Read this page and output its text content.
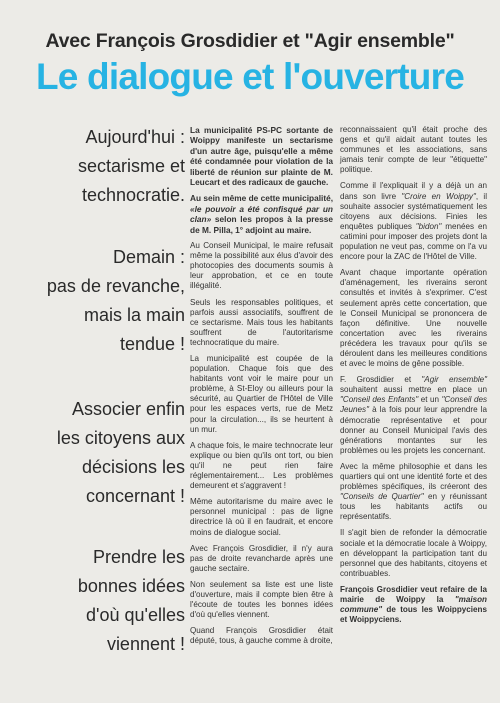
Avec François Grosdidier et "Agir ensemble"
Le dialogue et l'ouverture
Aujourd'hui :
sectarisme et
technocratie.
Demain :
pas de revanche,
mais la main
tendue !
Associer enfin
les citoyens aux
décisions les
concernant !
Prendre les
bonnes idées
d'où qu'elles
viennent !

La municipalité PS-PC sortante de Woippy manifeste un sectarisme d'un autre âge, puisqu'elle a même été condamnée pour violation de la liberté de réunion sur plainte de M. Leucart et des radicaux de gauche.

Au sein même de cette municipalité, «le pouvoir a été confisqué par un clan» selon les propos à la presse de M. Pilla, 1° adjoint au maire.

Au Conseil Municipal, le maire refusait même la possibilité aux élus d'avoir des photocopies des documents soumis à leur approbation, et ce en toute illégalité.

Seuls les responsables politiques, et parfois aussi associatifs, souffrent de ce sectarisme. Mais tous les habitants souffrent de l'autoritarisme technocratique du maire.

La municipalité est coupée de la population. Chaque fois que des habitants vont voir le maire pour un problème, à St-Eloy ou ailleurs pour la sécurité, au Quartier de l'Hôtel de Ville pour les espaces verts, rue de Metz pour la circulation..., ils se heurtent à un mur.

A chaque fois, le maire technocrate leur explique ou bien qu'ils ont tort, ou bien qu'il ne peut rien faire réglementairement... Les problèmes demeurent et s'aggravent !

Même autoritarisme du maire avec le personnel municipal : pas de ligne directrice là où il en faudrait, et encore moins de dialogue social.

Avec François Grosdidier, il n'y aura pas de droite revancharde après une gauche sectaire.

Non seulement sa liste est une liste d'ouverture, mais il compte bien être à l'écoute de toutes les bonnes idées d'où qu'elles viennent.

Quand François Grosdidier était député, tous, à gauche comme à droite,

reconnaissaient qu'il était proche des gens et qu'il aidait autant toutes les communes et les associations, sans jamais tenir compte de leur "étiquette" politique.

Comme il l'expliquait il y a déjà un an dans son livre "Croire en Woippy", il souhaite associer systématiquement les citoyens aux décisions. Finies les enquêtes publiques "bidon" menées en catimini pour imposer des projets dont la population ne veut pas, comme on l'a vu encore pour la ZAC de l'Hôtel de Ville.

Avant chaque importante opération d'aménagement, les riverains seront consultés et invités à s'exprimer. C'est seulement après cette concertation, que le Conseil Municipal se prononcera de façon définitive. Une nouvelle concertation avec les riverains précédera les travaux pour qu'ils se déroulent dans les meilleures conditions et avec le moins de gêne possible.

F. Grosdidier et "Agir ensemble" souhaitent aussi mettre en place un "Conseil des Enfants" et un "Conseil des Jeunes" à la fois pour leur apprendre la démocratie représentative et pour donner au Conseil Municipal l'avis des générations montantes sur les problèmes ou les projets les concernant.

Avec la même philosophie et dans les quartiers qui ont une identité forte et des problèmes spécifiques, ils créeront des "Conseils de Quartier" en y réunissant tous les habitants actifs ou représentatifs.

Il s'agit bien de refonder la démocratie sociale et la démocratie locale à Woippy, en développant la participation tant du personnel que des habitants, citoyens et contribuables.

François Grosdidier veut refaire de la mairie de Woippy la "maison commune" de tous les Woippyciens et Woippyciens.
